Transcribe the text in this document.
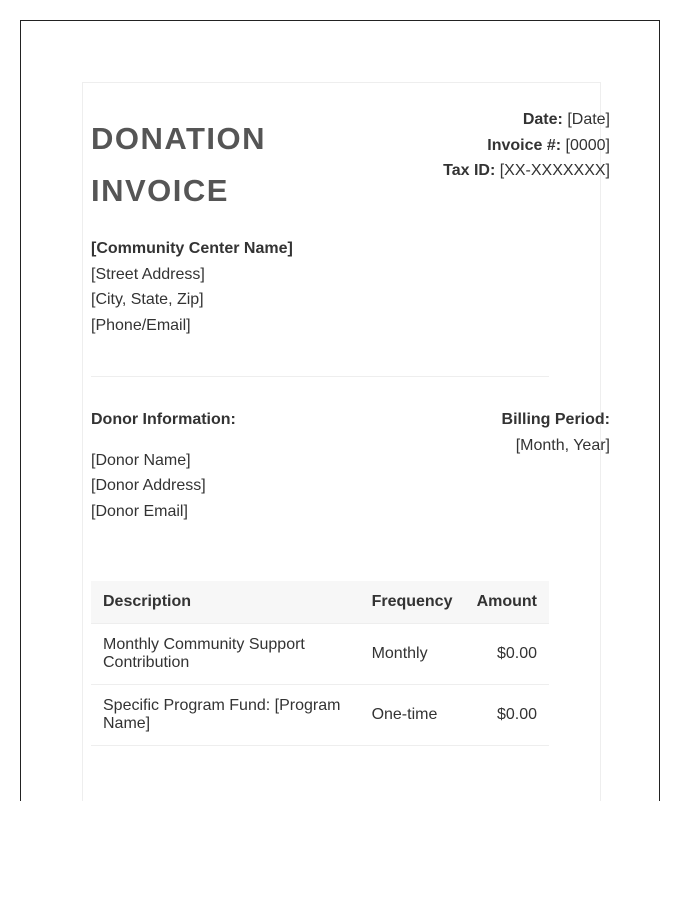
DONATION
INVOICE
Date: [Date]
Invoice #: [0000]
Tax ID: [XX-XXXXXXX]
[Community Center Name]
[Street Address]
[City, State, Zip]
[Phone/Email]
Donor Information:
[Donor Name]
[Donor Address]
[Donor Email]
Billing Period:
[Month, Year]
Description	Frequency	Amount
Monthly Community Support Contribution	Monthly	$0.00
Specific Program Fund: [Program Name]	One-time	$0.00
